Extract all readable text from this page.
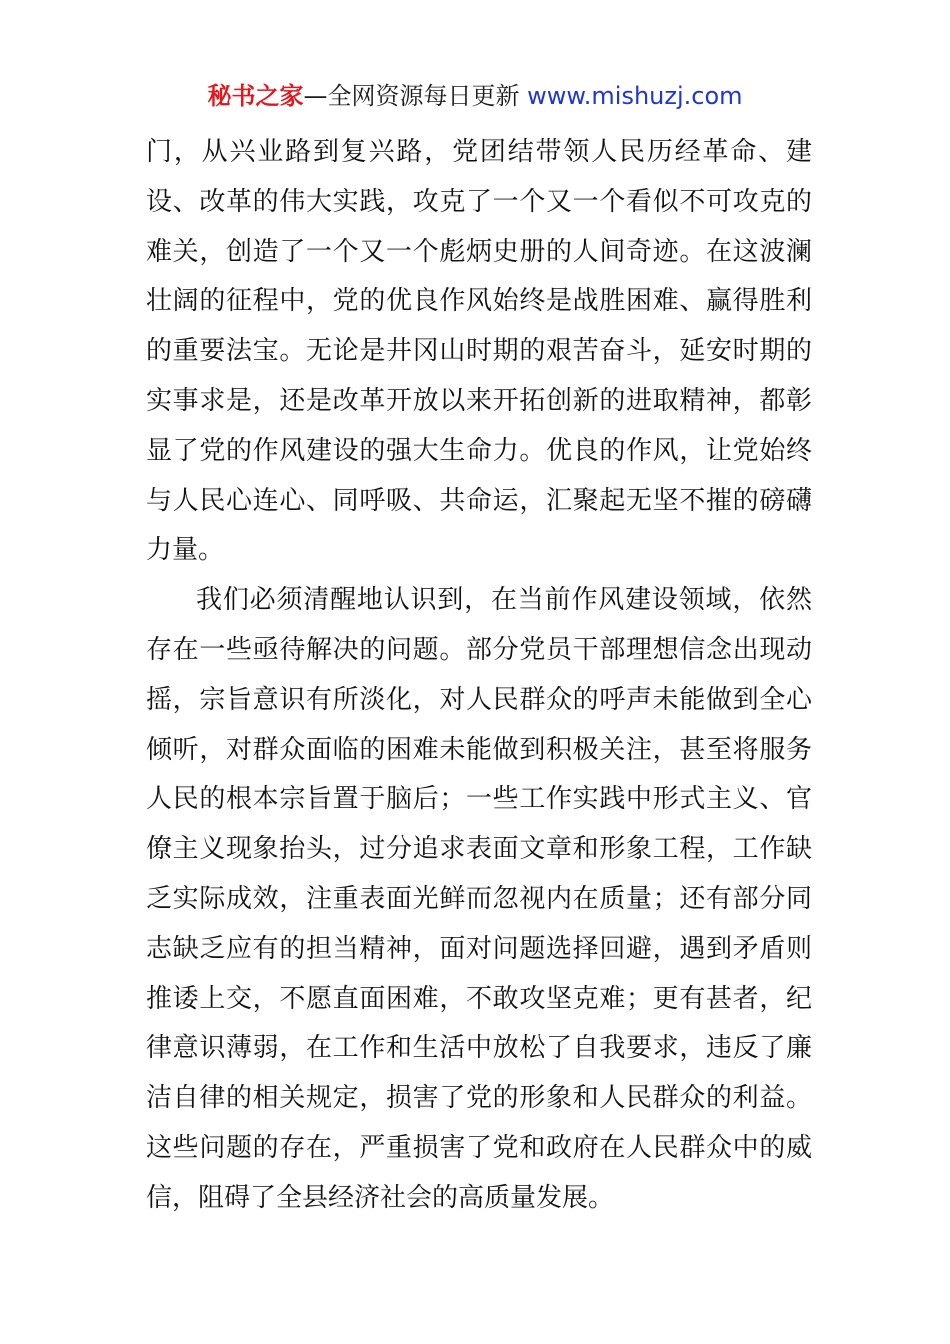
秘书之家—全网资源每日更新 www.mishuzj.com
门，从兴业路到复兴路，党团结带领人民历经革命、建
设、改革的伟大实践，攻克了一个又一个看似不可攻克的
难关，创造了一个又一个彪炳史册的人间奇迹。在这波澜
壮阔的征程中，党的优良作风始终是战胜困难、赢得胜利
的重要法宝。无论是井冈山时期的艰苦奋斗，延安时期的
实事求是，还是改革开放以来开拓创新的进取精神，都彰
显了党的作风建设的强大生命力。优良的作风，让党始终
与人民心连心、同呼吸、共命运，汇聚起无坚不摧的磅礴
力量。
我们必须清醒地认识到，在当前作风建设领域，依然
存在一些亟待解决的问题。部分党员干部理想信念出现动
摇，宗旨意识有所淡化，对人民群众的呼声未能做到全心
倾听，对群众面临的困难未能做到积极关注，甚至将服务
人民的根本宗旨置于脑后；一些工作实践中形式主义、官
僚主义现象抬头，过分追求表面文章和形象工程，工作缺
乏实际成效，注重表面光鲜而忽视内在质量；还有部分同
志缺乏应有的担当精神，面对问题选择回避，遇到矛盾则
推诿上交，不愿直面困难，不敢攻坚克难；更有甚者，纪
律意识薄弱，在工作和生活中放松了自我要求，违反了廉
洁自律的相关规定，损害了党的形象和人民群众的利益。
这些问题的存在，严重损害了党和政府在人民群众中的威
信，阻碍了全县经济社会的高质量发展。
